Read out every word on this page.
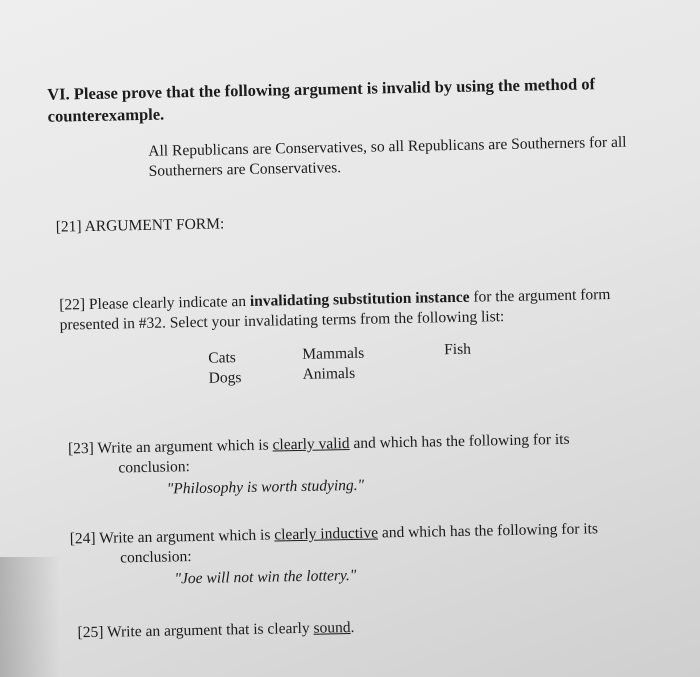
VI. Please prove that the following argument is invalid by using the method of counterexample.
All Republicans are Conservatives, so all Republicans are Southerners for all
Southerners are Conservatives.
[21] ARGUMENT FORM:
[22] Please clearly indicate an invalidating substitution instance for the argument form
presented in #32. Select your invalidating terms from the following list:
Cats
Dogs
Mammals
Animals
Fish
[23] Write an argument which is clearly valid and which has the following for its
conclusion:
"Philosophy is worth studying."
[24] Write an argument which is clearly inductive and which has the following for its
conclusion:
"Joe will not win the lottery."
[25] Write an argument that is clearly sound.
